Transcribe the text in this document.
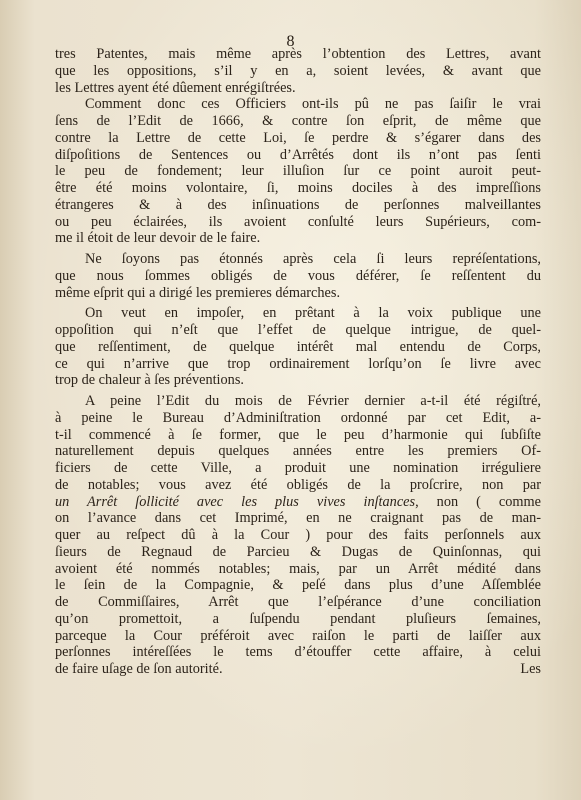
8

tres Patentes, mais même après l’obtention des Lettres, avant

que les oppositions, s’il y en a, soient levées, & avant que

les Lettres ayent été dûement enrégiſtrées.

Comment donc ces Officiers ont-ils pû ne pas ſaiſir le vrai

ſens de l’Edit de 1666, & contre ſon eſprit, de même que

contre la Lettre de cette Loi, ſe perdre & s’égarer dans des

diſpoſitions de Sentences ou d’Arrêtés dont ils n’ont pas ſenti

le peu de fondement; leur illuſion ſur ce point auroit peut-

être été moins volontaire, ſi, moins dociles à des impreſſions

étrangeres & à des inſinuations de perſonnes malveillantes

ou peu éclairées, ils avoient conſulté leurs Supérieurs, com-

me il étoit de leur devoir de le faire.

Ne ſoyons pas étonnés après cela ſi leurs repréſentations,

que nous ſommes obligés de vous déférer, ſe reſſentent du

même eſprit qui a dirigé les premieres démarches.

On veut en impoſer, en prêtant à la voix publique une

oppoſition qui n’eſt que l’effet de quelque intrigue, de quel-

que reſſentiment, de quelque intérêt mal entendu de Corps,

ce qui n’arrive que trop ordinairement lorſqu’on ſe livre avec

trop de chaleur à ſes préventions.

A peine l’Edit du mois de Février dernier a-t-il été régiſtré,

à peine le Bureau d’Adminiſtration ordonné par cet Edit, a-

t-il commencé à ſe former, que le peu d’harmonie qui ſubſiſte

naturellement depuis quelques années entre les premiers Of-

ficiers de cette Ville, a produit une nomination irréguliere

de notables; vous avez été obligés de la proſcrire, non par

un Arrêt ſollicité avec les plus vives inſtances, non ( comme

on l’avance dans cet Imprimé, en ne craignant pas de man-

quer au reſpect dû à la Cour ) pour des faits perſonnels aux

ſieurs de Regnaud de Parcieu & Dugas de Quinſonnas, qui

avoient été nommés notables; mais, par un Arrêt médité dans

le ſein de la Compagnie, & peſé dans plus d’une Aſſemblée

de Commiſſaires, Arrêt que l’eſpérance d’une conciliation

qu’on promettoit, a ſuſpendu pendant pluſieurs ſemaines,

parceque la Cour préféroit avec raiſon le parti de laiſſer aux

perſonnes intéreſſées le tems d’étouffer cette affaire, à celui

de faire uſage de ſon autorité.	Les
